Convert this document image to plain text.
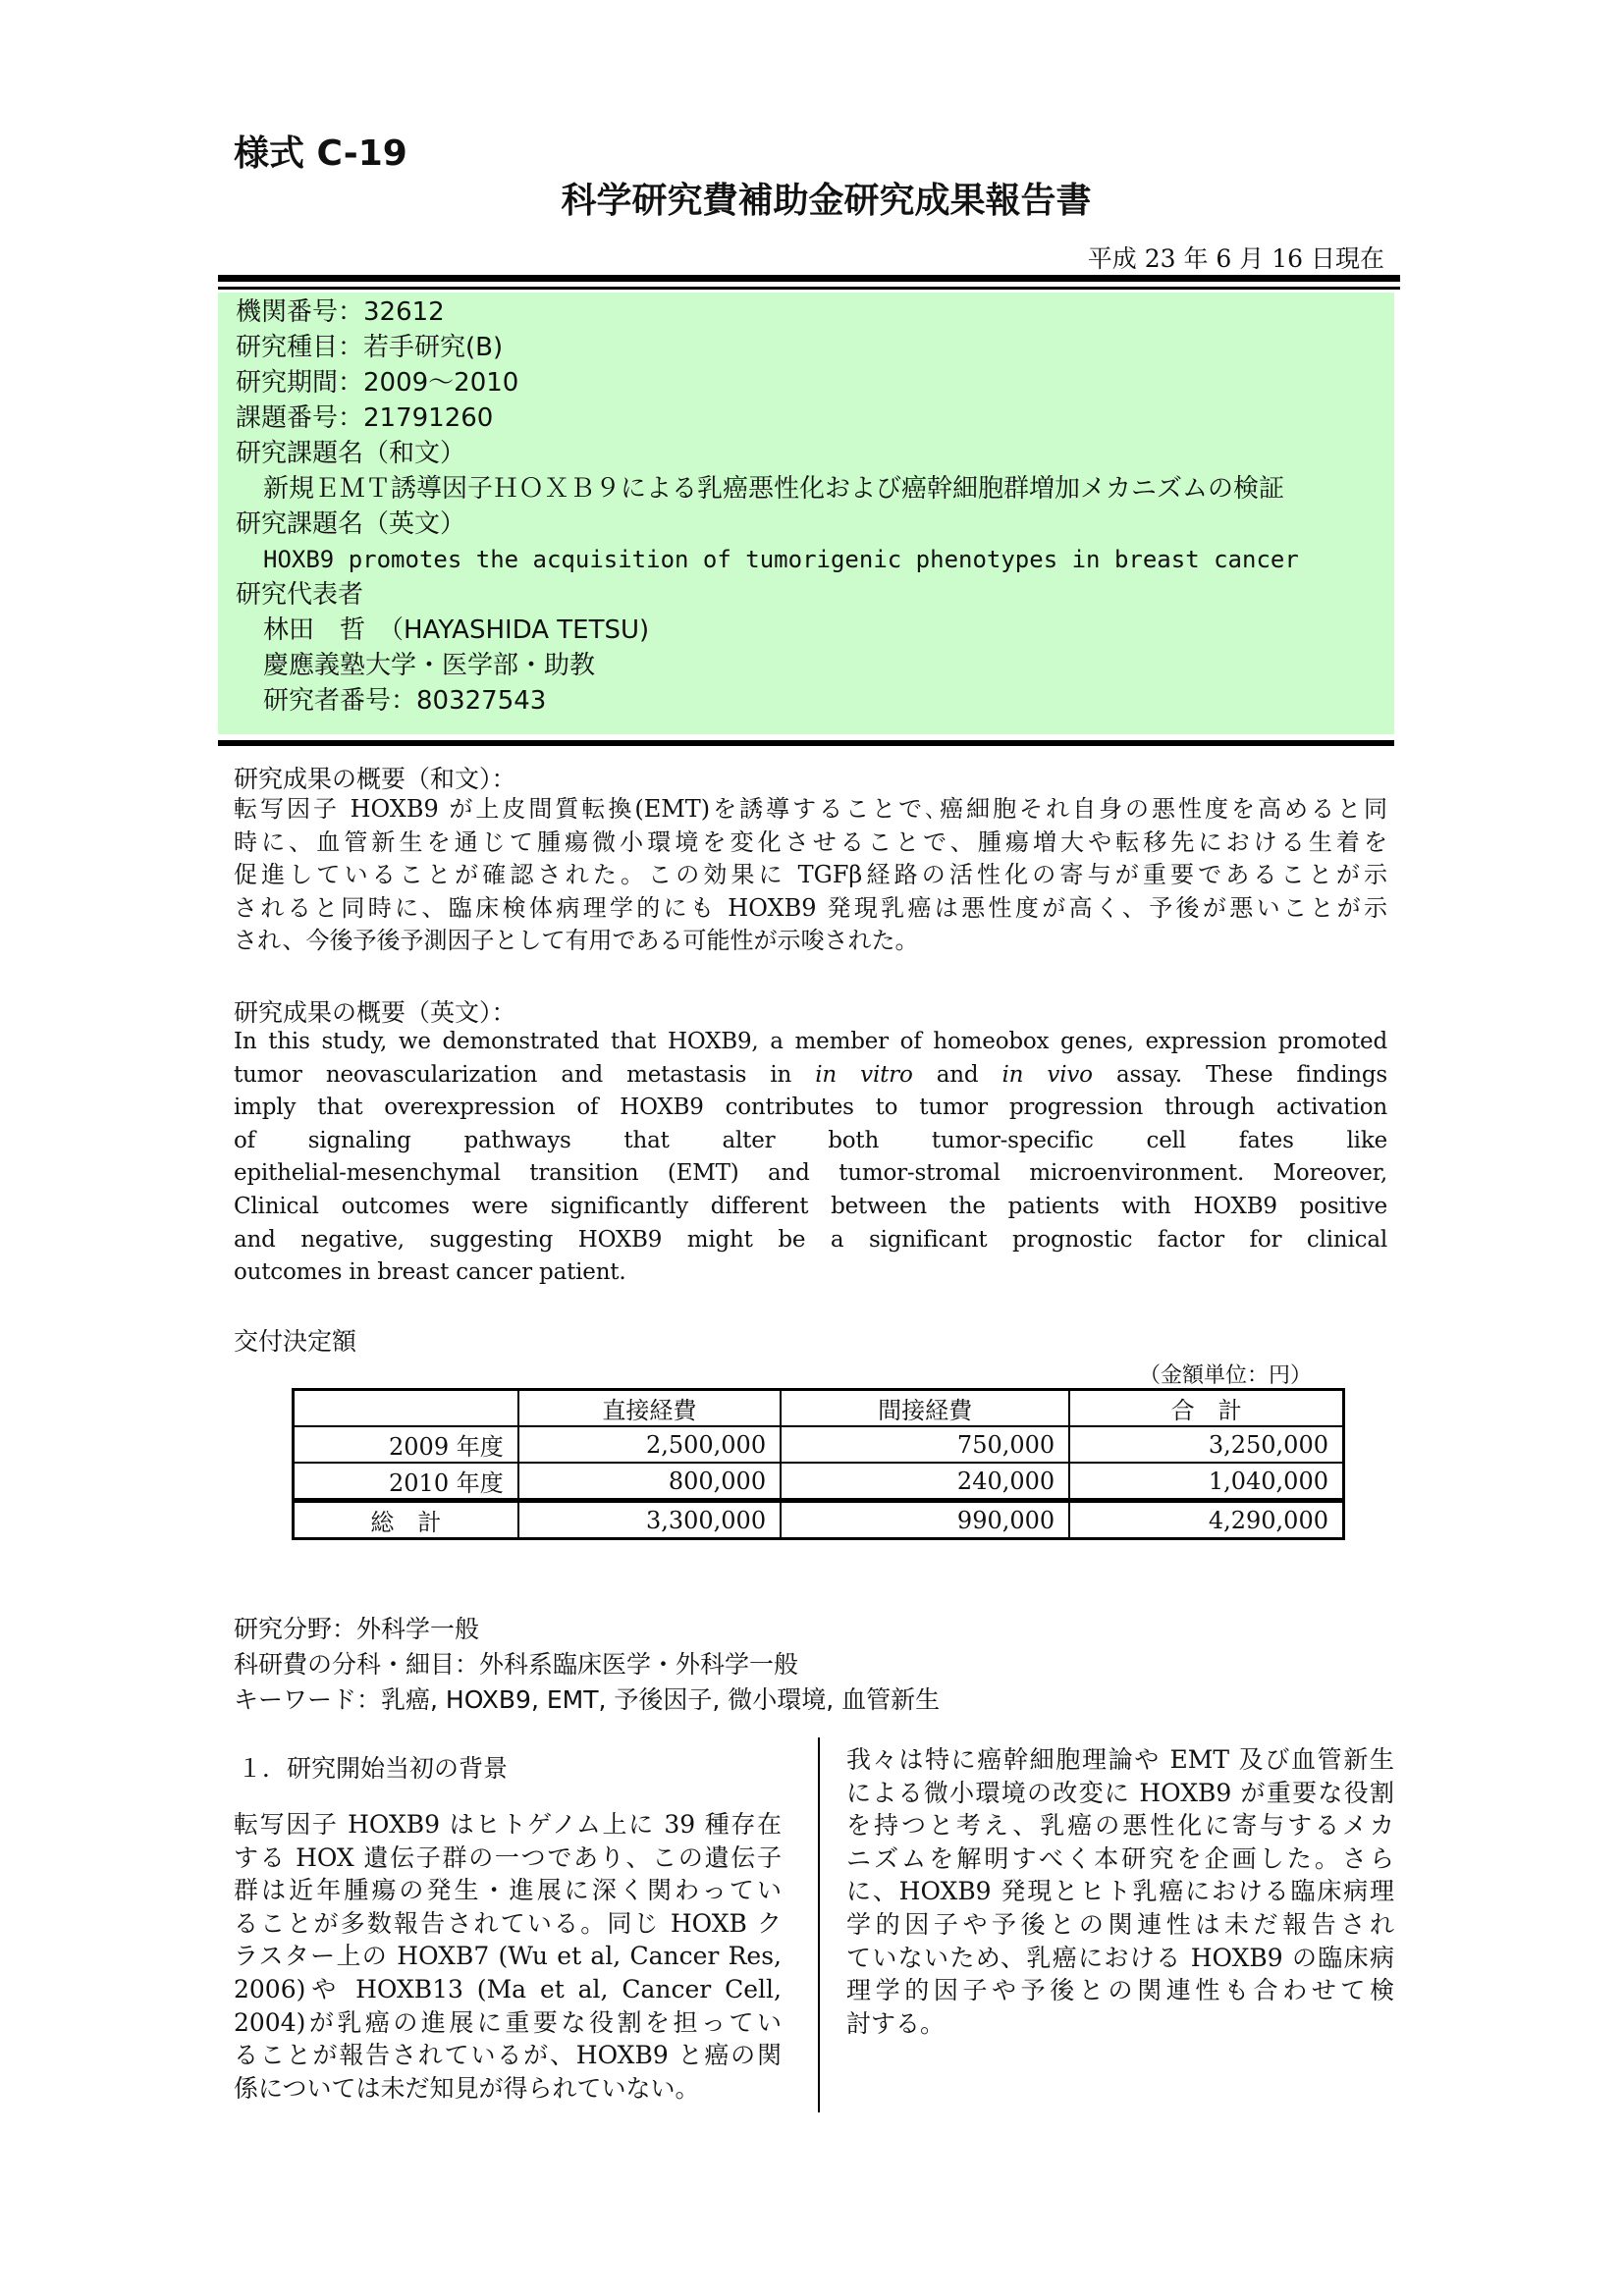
様式 C-19
科学研究費補助金研究成果報告書
平成 23 年 6 月 16 日現在
機関番号：32612
研究種目：若手研究(B)
研究期間：2009～2010
課題番号：21791260
研究課題名（和文）
新規ＥＭＴ誘導因子ＨＯＸＢ９による乳癌悪性化および癌幹細胞群増加メカニズムの検証
研究課題名（英文）
HOXB9 promotes the acquisition of tumorigenic phenotypes in breast cancer
研究代表者
林田　哲　（HAYASHIDA TETSU)
慶應義塾大学・医学部・助教
研究者番号：80327543
研究成果の概要（和文）：
転写因子 HOXB9 が上皮間質転換(EMT)を誘導することで､癌細胞それ自身の悪性度を高めると同
時に、血管新生を通じて腫瘍微小環境を変化させることで、腫瘍増大や転移先における生着を
促進していることが確認された。この効果に TGFβ経路の活性化の寄与が重要であることが示
されると同時に、臨床検体病理学的にも HOXB9 発現乳癌は悪性度が高く、予後が悪いことが示
され、今後予後予測因子として有用である可能性が示唆された。
研究成果の概要（英文）：
In this study, we demonstrated that HOXB9, a member of homeobox genes, expression promoted
tumor neovascularization and metastasis in in vitro and in vivo assay. These findings
imply that overexpression of HOXB9 contributes to tumor progression through activation
of signaling pathways that alter both tumor-specific cell fates like
epithelial-mesenchymal transition (EMT) and tumor-stromal microenvironment. Moreover,
Clinical outcomes were significantly different between the patients with HOXB9 positive
and negative, suggesting HOXB9 might be a significant prognostic factor for clinical
outcomes in breast cancer patient.
交付決定額
（金額単位：円）
	直接経費	間接経費	合　計
2009 年度	2,500,000	750,000	3,250,000
2010 年度	800,000	240,000	1,040,000
総　計	3,300,000	990,000	4,290,000
研究分野：外科学一般
科研費の分科・細目：外科系臨床医学・外科学一般
キーワード：乳癌, HOXB9, EMT, 予後因子, 微小環境, 血管新生
１．研究開始当初の背景
転写因子 HOXB9 はヒトゲノム上に 39 種存在
する HOX 遺伝子群の一つであり、この遺伝子
群は近年腫瘍の発生・進展に深く関わってい
ることが多数報告されている。同じ HOXB ク
ラスター上の HOXB7 (Wu et al, Cancer Res,
2006)や HOXB13 (Ma et al, Cancer Cell,
2004)が乳癌の進展に重要な役割を担ってい
ることが報告されているが、HOXB9 と癌の関
係については未だ知見が得られていない。
我々は特に癌幹細胞理論や EMT 及び血管新生
による微小環境の改変に HOXB9 が重要な役割
を持つと考え、乳癌の悪性化に寄与するメカ
ニズムを解明すべく本研究を企画した。さら
に、HOXB9 発現とヒト乳癌における臨床病理
学的因子や予後との関連性は未だ報告され
ていないため、乳癌における HOXB9 の臨床病
理学的因子や予後との関連性も合わせて検
討する。
